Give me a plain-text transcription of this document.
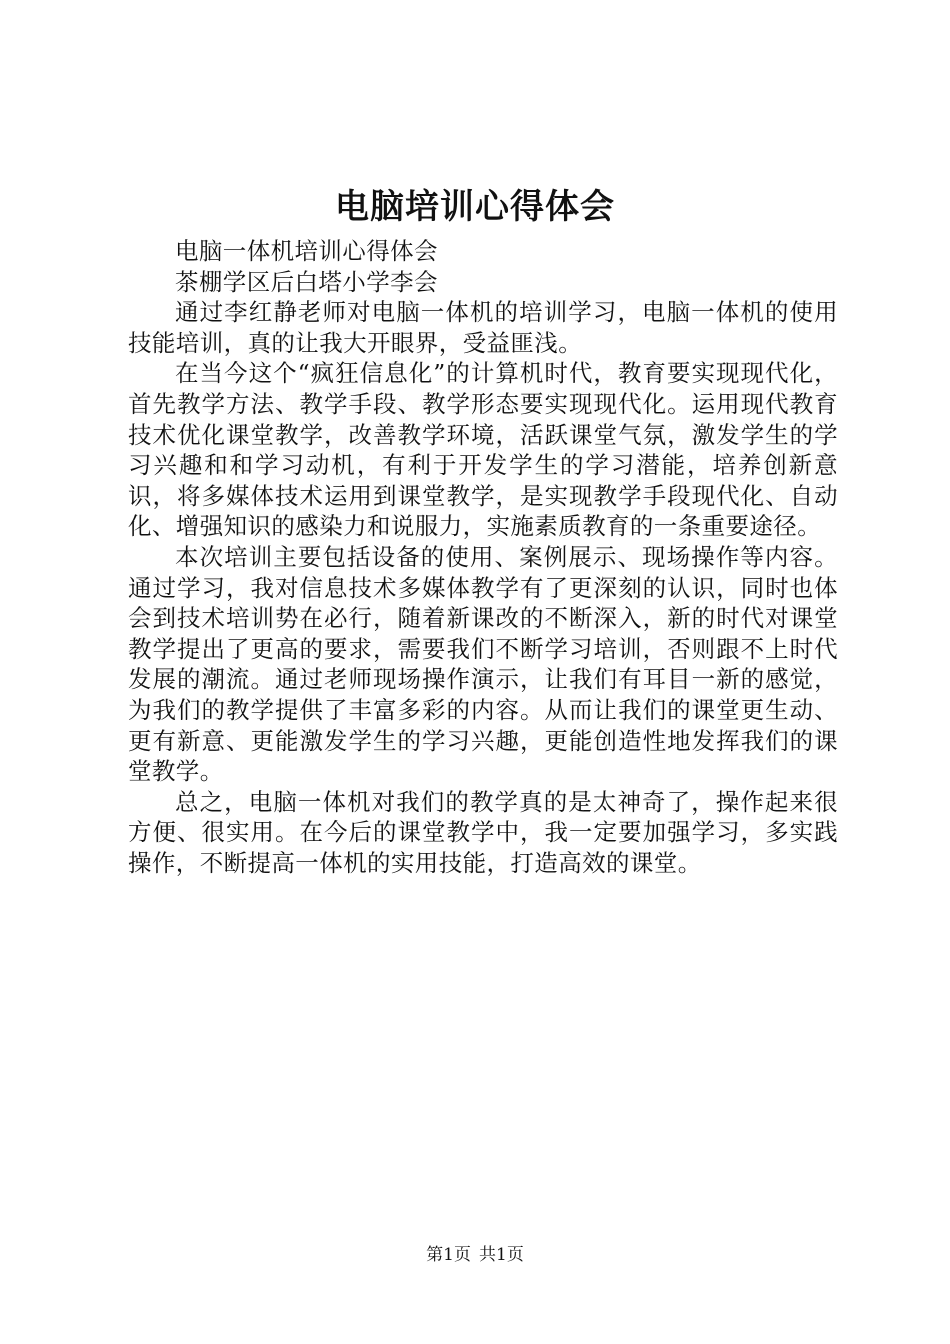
电脑培训心得体会

电脑一体机培训心得体会

茶棚学区后白塔小学李会

通过李红静老师对电脑一体机的培训学习，电脑一体机的使用技能培训，真的让我大开眼界，受益匪浅。

在当今这个“疯狂信息化”的计算机时代，教育要实现现代化，首先教学方法、教学手段、教学形态要实现现代化。运用现代教育技术优化课堂教学，改善教学环境，活跃课堂气氛，激发学生的学习兴趣和和学习动机，有利于开发学生的学习潜能，培养创新意识，将多媒体技术运用到课堂教学，是实现教学手段现代化、自动化、增强知识的感染力和说服力，实施素质教育的一条重要途径。

本次培训主要包括设备的使用、案例展示、现场操作等内容。通过学习，我对信息技术多媒体教学有了更深刻的认识，同时也体会到技术培训势在必行，随着新课改的不断深入，新的时代对课堂教学提出了更高的要求，需要我们不断学习培训，否则跟不上时代发展的潮流。通过老师现场操作演示，让我们有耳目一新的感觉，为我们的教学提供了丰富多彩的内容。从而让我们的课堂更生动、更有新意、更能激发学生的学习兴趣，更能创造性地发挥我们的课堂教学。

总之，电脑一体机对我们的教学真的是太神奇了，操作起来很方便、很实用。在今后的课堂教学中，我一定要加强学习，多实践操作，不断提高一体机的实用技能，打造高效的课堂。

第1页 共1页
